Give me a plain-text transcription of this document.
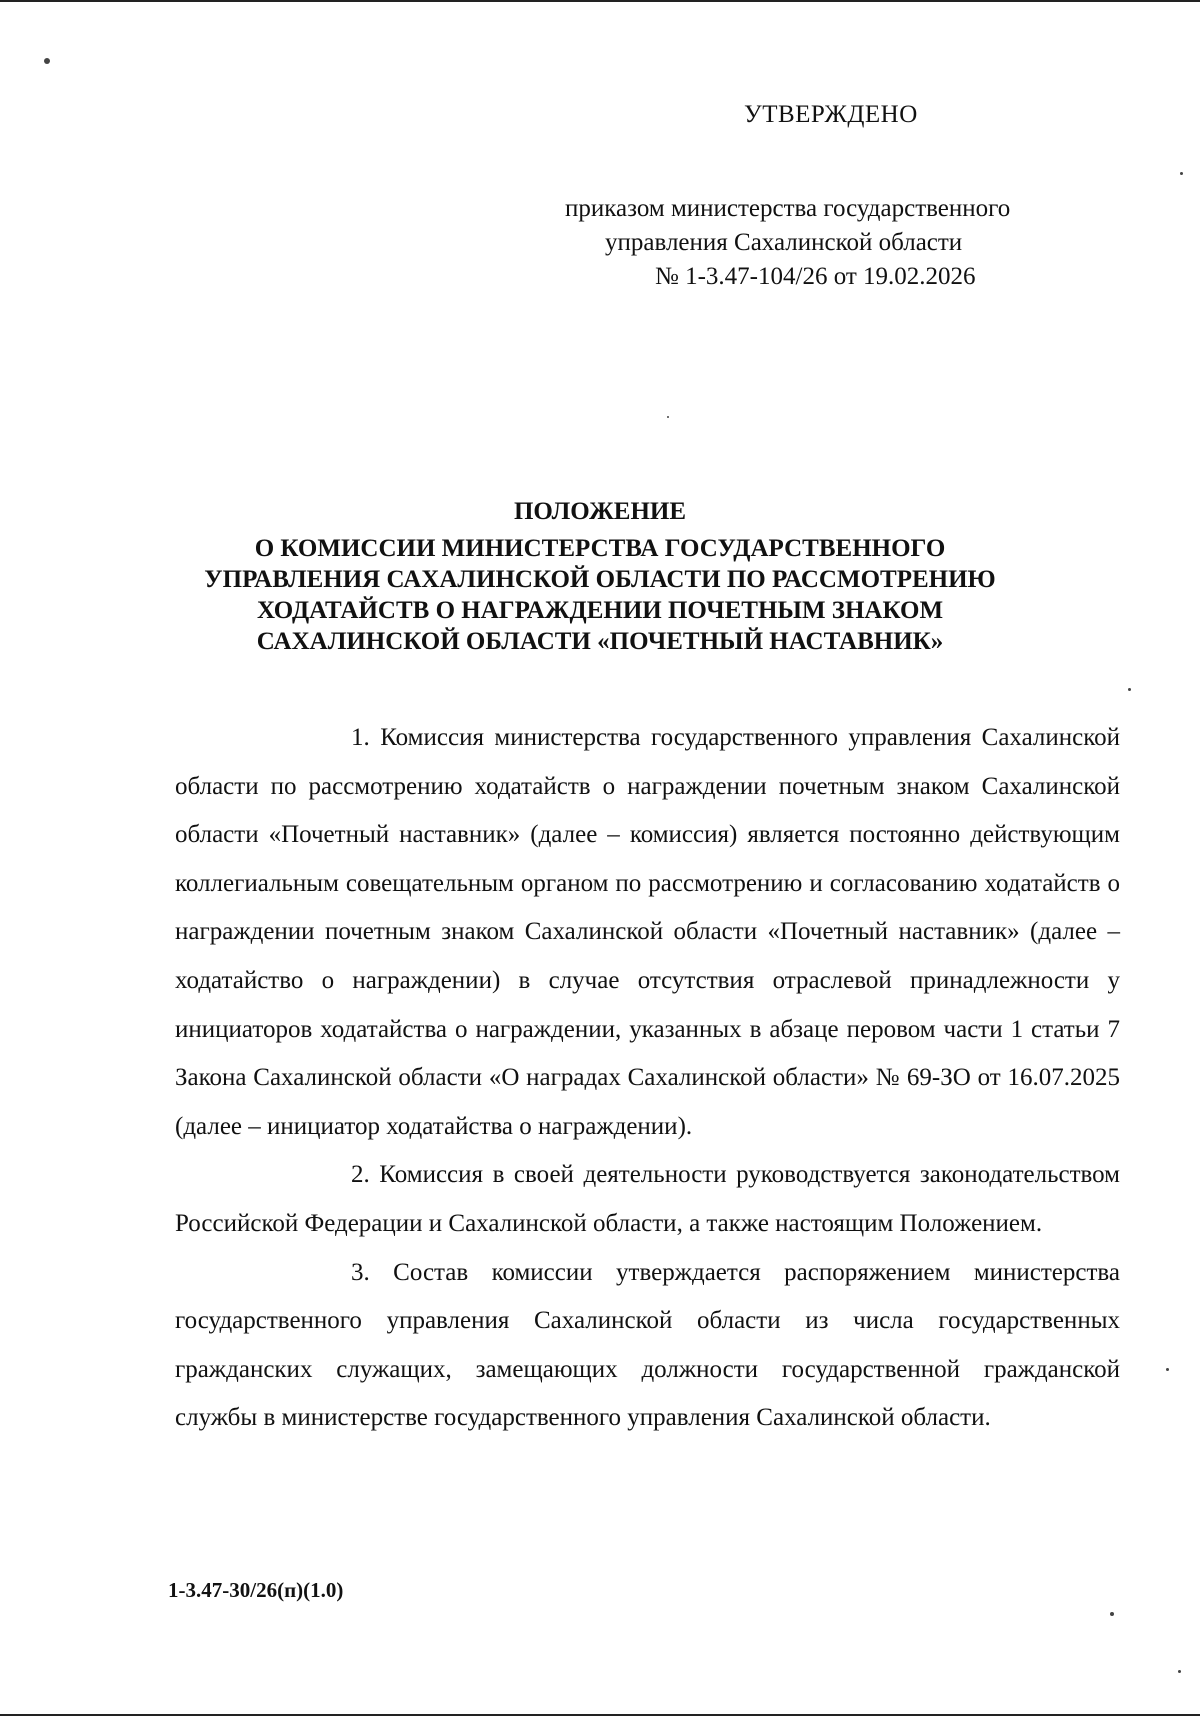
УТВЕРЖДЕНО
приказом министерства государственного
управления Сахалинской области
№ 1-3.47-104/26 от 19.02.2026
ПОЛОЖЕНИЕ
О КОМИССИИ МИНИСТЕРСТВА ГОСУДАРСТВЕННОГО
УПРАВЛЕНИЯ САХАЛИНСКОЙ ОБЛАСТИ ПО РАССМОТРЕНИЮ
ХОДАТАЙСТВ О НАГРАЖДЕНИИ ПОЧЕТНЫМ ЗНАКОМ
САХАЛИНСКОЙ ОБЛАСТИ «ПОЧЕТНЫЙ НАСТАВНИК»

1. Комиссия министерства государственного управления Сахалинской области по рассмотрению ходатайств о награждении почетным знаком Сахалинской области «Почетный наставник» (далее – комиссия) является постоянно действующим коллегиальным совещательным органом по рассмотрению и согласованию ходатайств о награждении почетным знаком Сахалинской области «Почетный наставник» (далее – ходатайство о награждении) в случае отсутствия отраслевой принадлежности у инициаторов ходатайства о награждении, указанных в абзаце перовом части 1 статьи 7 Закона Сахалинской области «О наградах Сахалинской области» № 69-ЗО от 16.07.2025 (далее – инициатор ходатайства о награждении).

2. Комиссия в своей деятельности руководствуется законодательством Российской Федерации и Сахалинской области, а также настоящим Положением.

3. Состав комиссии утверждается распоряжением министерства государственного управления Сахалинской области из числа государственных гражданских служащих, замещающих должности государственной гражданской службы в министерстве государственного управления Сахалинской области.

1-3.47-30/26(п)(1.0)
